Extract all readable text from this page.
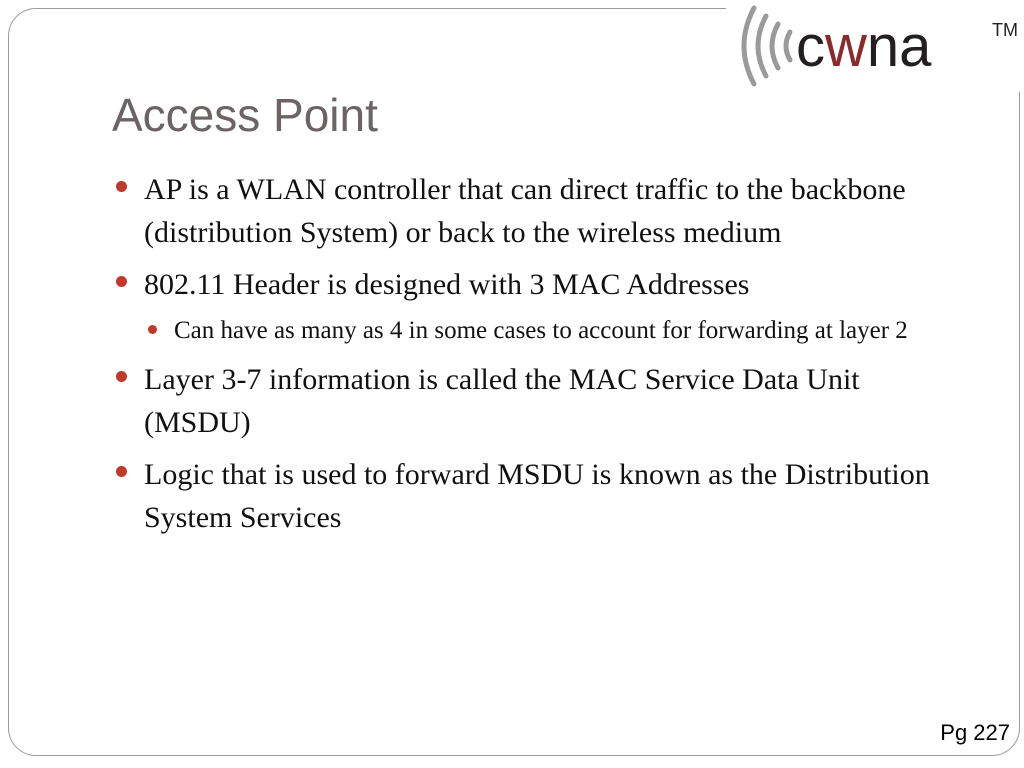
cwna	TM
Access Point
AP is a WLAN controller that can direct traffic to the backbone (distribution System) or back to the wireless medium
802.11 Header is designed with 3 MAC Addresses
Can have as many as 4 in some cases to account for forwarding at layer 2
Layer 3-7 information is called the MAC Service Data Unit (MSDU)
Logic that is used to forward MSDU is known as the Distribution System Services
Pg 227
